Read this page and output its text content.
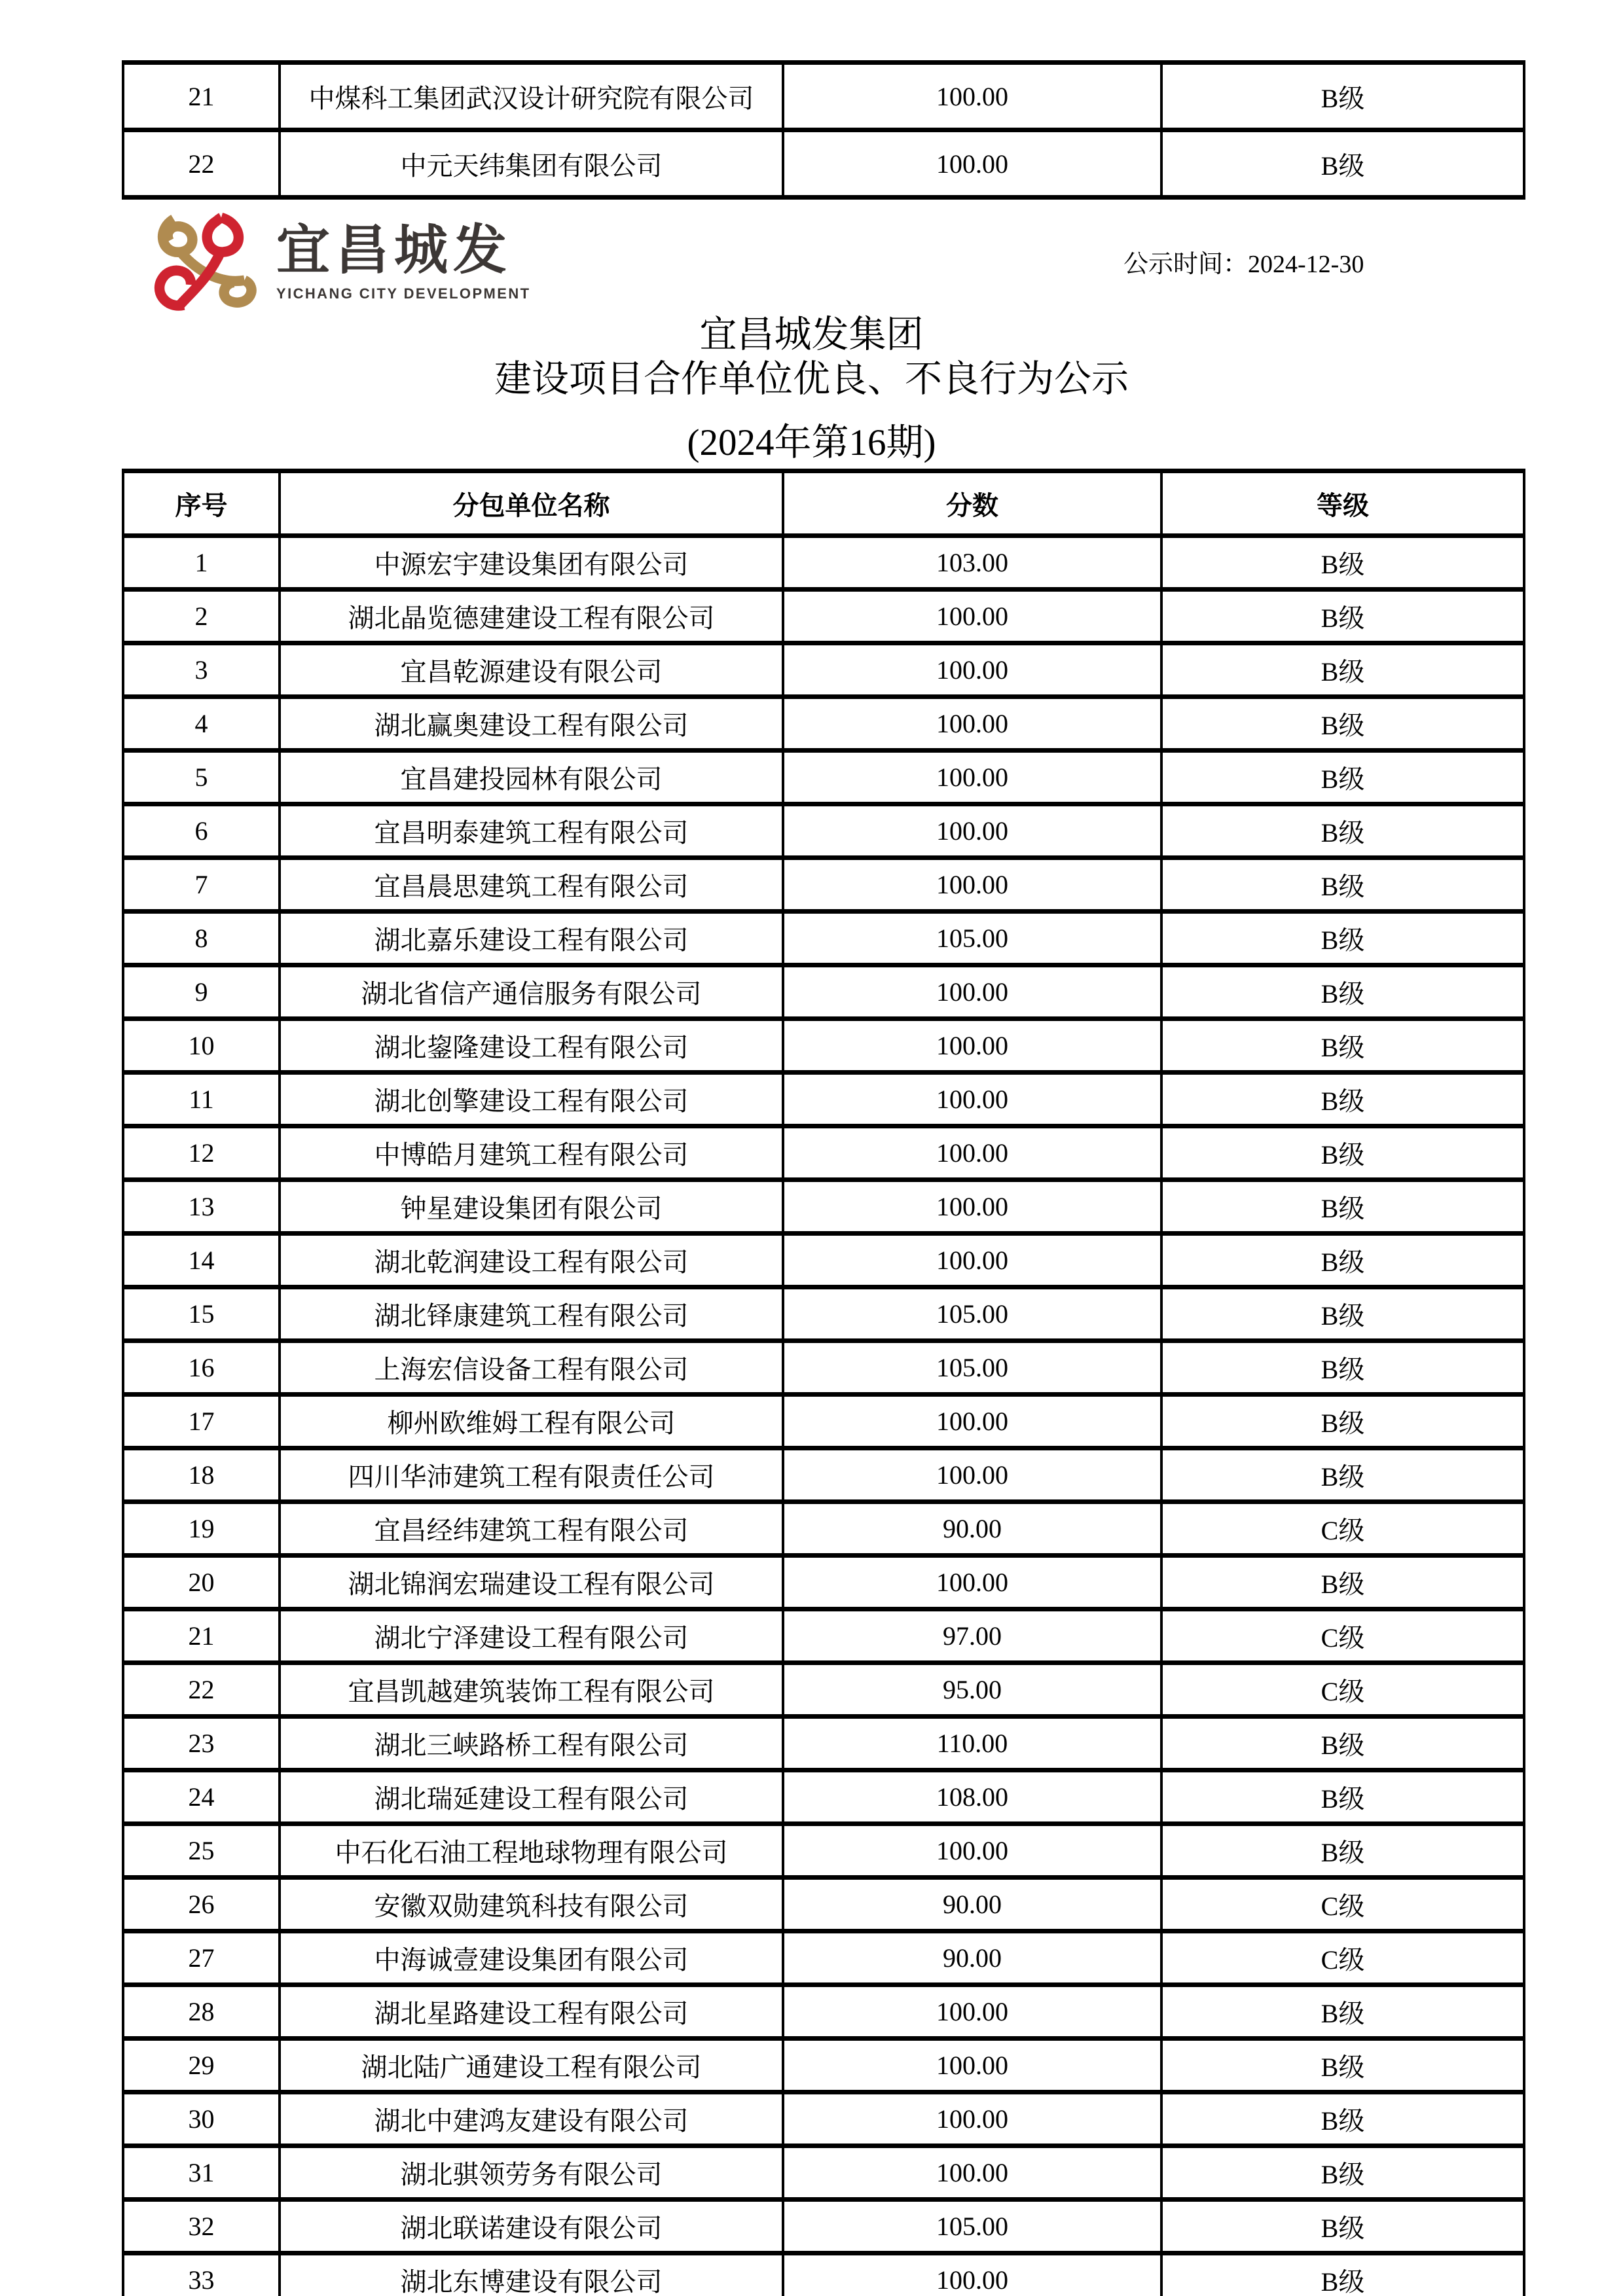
21	中煤科工集团武汉设计研究院有限公司	100.00	B级
22	中元天纬集团有限公司	100.00	B级
宜昌城发
YICHANG CITY DEVELOPMENT
公示时间：2024-12-30
宜昌城发集团
建设项目合作单位优良、不良行为公示
(2024年第16期)
序号	分包单位名称	分数	等级
1	中源宏宇建设集团有限公司	103.00	B级
2	湖北晶览德建建设工程有限公司	100.00	B级
3	宜昌乾源建设有限公司	100.00	B级
4	湖北赢奥建设工程有限公司	100.00	B级
5	宜昌建投园林有限公司	100.00	B级
6	宜昌明泰建筑工程有限公司	100.00	B级
7	宜昌晨思建筑工程有限公司	100.00	B级
8	湖北嘉乐建设工程有限公司	105.00	B级
9	湖北省信产通信服务有限公司	100.00	B级
10	湖北鋆隆建设工程有限公司	100.00	B级
11	湖北创擎建设工程有限公司	100.00	B级
12	中博皓月建筑工程有限公司	100.00	B级
13	钟星建设集团有限公司	100.00	B级
14	湖北乾润建设工程有限公司	100.00	B级
15	湖北铎康建筑工程有限公司	105.00	B级
16	上海宏信设备工程有限公司	105.00	B级
17	柳州欧维姆工程有限公司	100.00	B级
18	四川华沛建筑工程有限责任公司	100.00	B级
19	宜昌经纬建筑工程有限公司	90.00	C级
20	湖北锦润宏瑞建设工程有限公司	100.00	B级
21	湖北宁泽建设工程有限公司	97.00	C级
22	宜昌凯越建筑装饰工程有限公司	95.00	C级
23	湖北三峡路桥工程有限公司	110.00	B级
24	湖北瑞延建设工程有限公司	108.00	B级
25	中石化石油工程地球物理有限公司	100.00	B级
26	安徽双勋建筑科技有限公司	90.00	C级
27	中海诚壹建设集团有限公司	90.00	C级
28	湖北星路建设工程有限公司	100.00	B级
29	湖北陆广通建设工程有限公司	100.00	B级
30	湖北中建鸿友建设有限公司	100.00	B级
31	湖北骐领劳务有限公司	100.00	B级
32	湖北联诺建设有限公司	105.00	B级
33	湖北东博建设有限公司	100.00	B级
